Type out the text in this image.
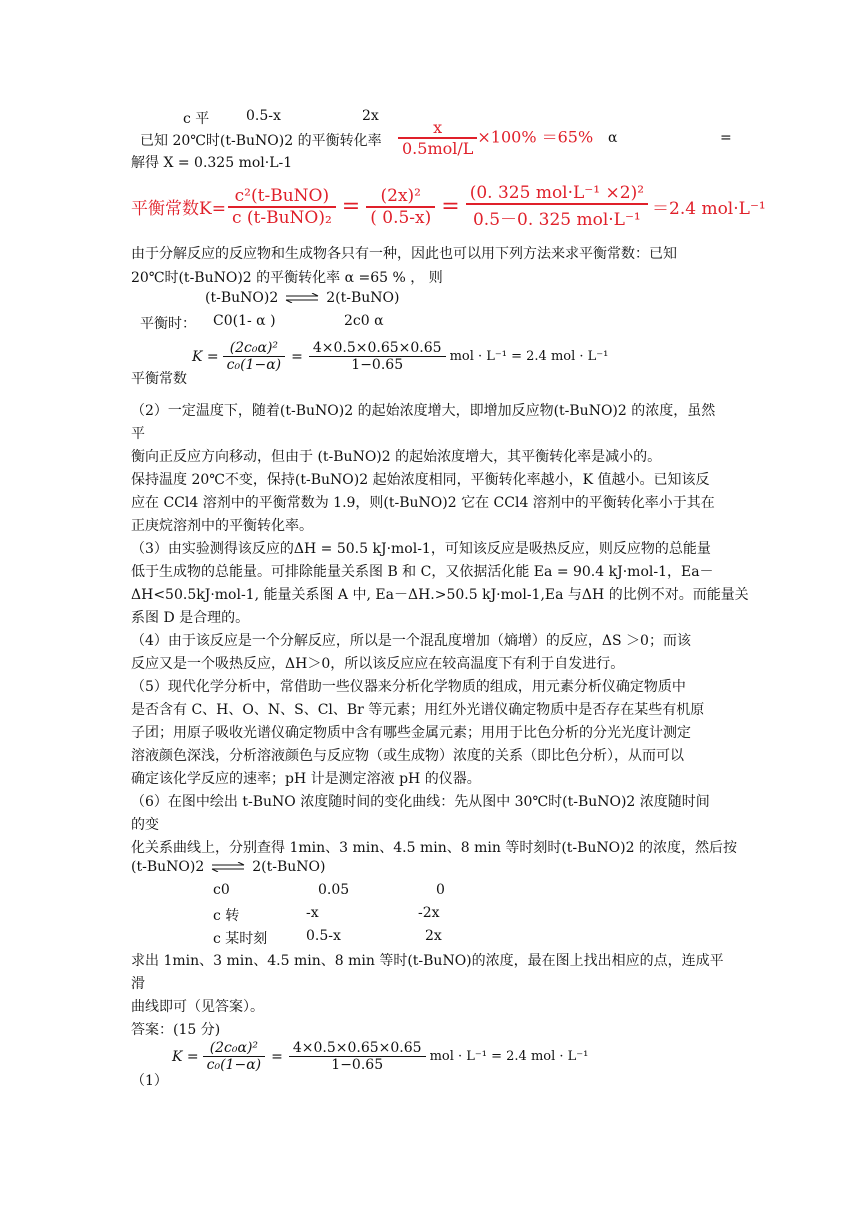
c 平	0.5-x	2x
已知 20℃时(t-BuNO)2 的平衡转化率 $\frac{x}{\text{0.5mol/L}} \times 100\% =65\%$ α	=
解得 X = 0.325 mol·L-1
平衡常数$K= \frac{\text{c²(t-BuNO)}}{\text{c (t-BuNO)₂}} = \frac{\text{(2x)²}}{( 0.5-x)} = \frac{\text{(0. 325 mol·L⁻¹ ×2)²}}{\text{0.5－0. 325 mol·L⁻¹}} =2.4$ mol·L⁻¹
由于分解反应的反应物和生成物各只有一种，因此也可以用下列方法来求平衡常数：已知
20℃时(t-BuNO)2 的平衡转化率 α =65 % ， 则
(t-BuNO)2 ⇌ 2(t-BuNO)
平衡时： C0(1- α )	2c0 α
$K = \frac{\text{(2c₀α)²}}{\text{c₀(1−α)}} = \frac{4\times 0.5\times 0.65\times 0.65}{1-0.65}$ mol · L⁻¹ = 2.4 mol · L⁻¹
平衡常数
（2）一定温度下，随着(t-BuNO)2 的起始浓度增大，即增加反应物(t-BuNO)2 的浓度，虽然
平
衡向正反应方向移动，但由于 (t-BuNO)2 的起始浓度增大，其平衡转化率是减小的。
保持温度 20℃不变，保持(t-BuNO)2 起始浓度相同，平衡转化率越小，K 值越小。已知该反
应在 CCl4 溶剂中的平衡常数为 1.9，则(t-BuNO)2 它在 CCl4 溶剂中的平衡转化率小于其在
正庚烷溶剂中的平衡转化率。
（3）由实验测得该反应的ΔH = 50.5 kJ·mol-1，可知该反应是吸热反应，则反应物的总能量
低于生成物的总能量。可排除能量关系图 B 和 C，又依据活化能 Ea = 90.4 kJ·mol-1，Ea－
ΔH<50.5kJ·mol-1, 能量关系图 A 中, Ea－ΔH.>50.5 kJ·mol-1,Ea 与ΔH 的比例不对。而能量关
系图 D 是合理的。
（4）由于该反应是一个分解反应，所以是一个混乱度增加（熵增）的反应，ΔS ＞0；而该
反应又是一个吸热反应，ΔH＞0，所以该反应应在较高温度下有利于自发进行。
（5）现代化学分析中，常借助一些仪器来分析化学物质的组成，用元素分析仪确定物质中
是否含有 C、H、O、N、S、Cl、Br 等元素；用红外光谱仪确定物质中是否存在某些有机原
子团；用原子吸收光谱仪确定物质中含有哪些金属元素；用用于比色分析的分光光度计测定
溶液颜色深浅，分析溶液颜色与反应物（或生成物）浓度的关系（即比色分析），从而可以
确定该化学反应的速率；pH 计是测定溶液 pH 的仪器。
（6）在图中绘出 t-BuNO 浓度随时间的变化曲线：先从图中 30℃时(t-BuNO)2 浓度随时间
的变
化关系曲线上，分别查得 1min、3 min、4.5 min、8 min 等时刻时(t-BuNO)2 的浓度，然后按
(t-BuNO)2 ⇌ 2(t-BuNO)
c0	0.05	0
c 转	-x	-2x
c 某时刻	0.5-x	2x
求出 1min、3 min、4.5 min、8 min 等时(t-BuNO)的浓度，最在图上找出相应的点，连成平
滑
曲线即可（见答案）。
答案：(15 分)
$K = \frac{\text{(2c₀α)²}}{\text{c₀(1−α)}} = \frac{4\times 0.5\times 0.65\times 0.65}{1-0.65}$ mol · L⁻¹ = 2.4 mol · L⁻¹
（1）
